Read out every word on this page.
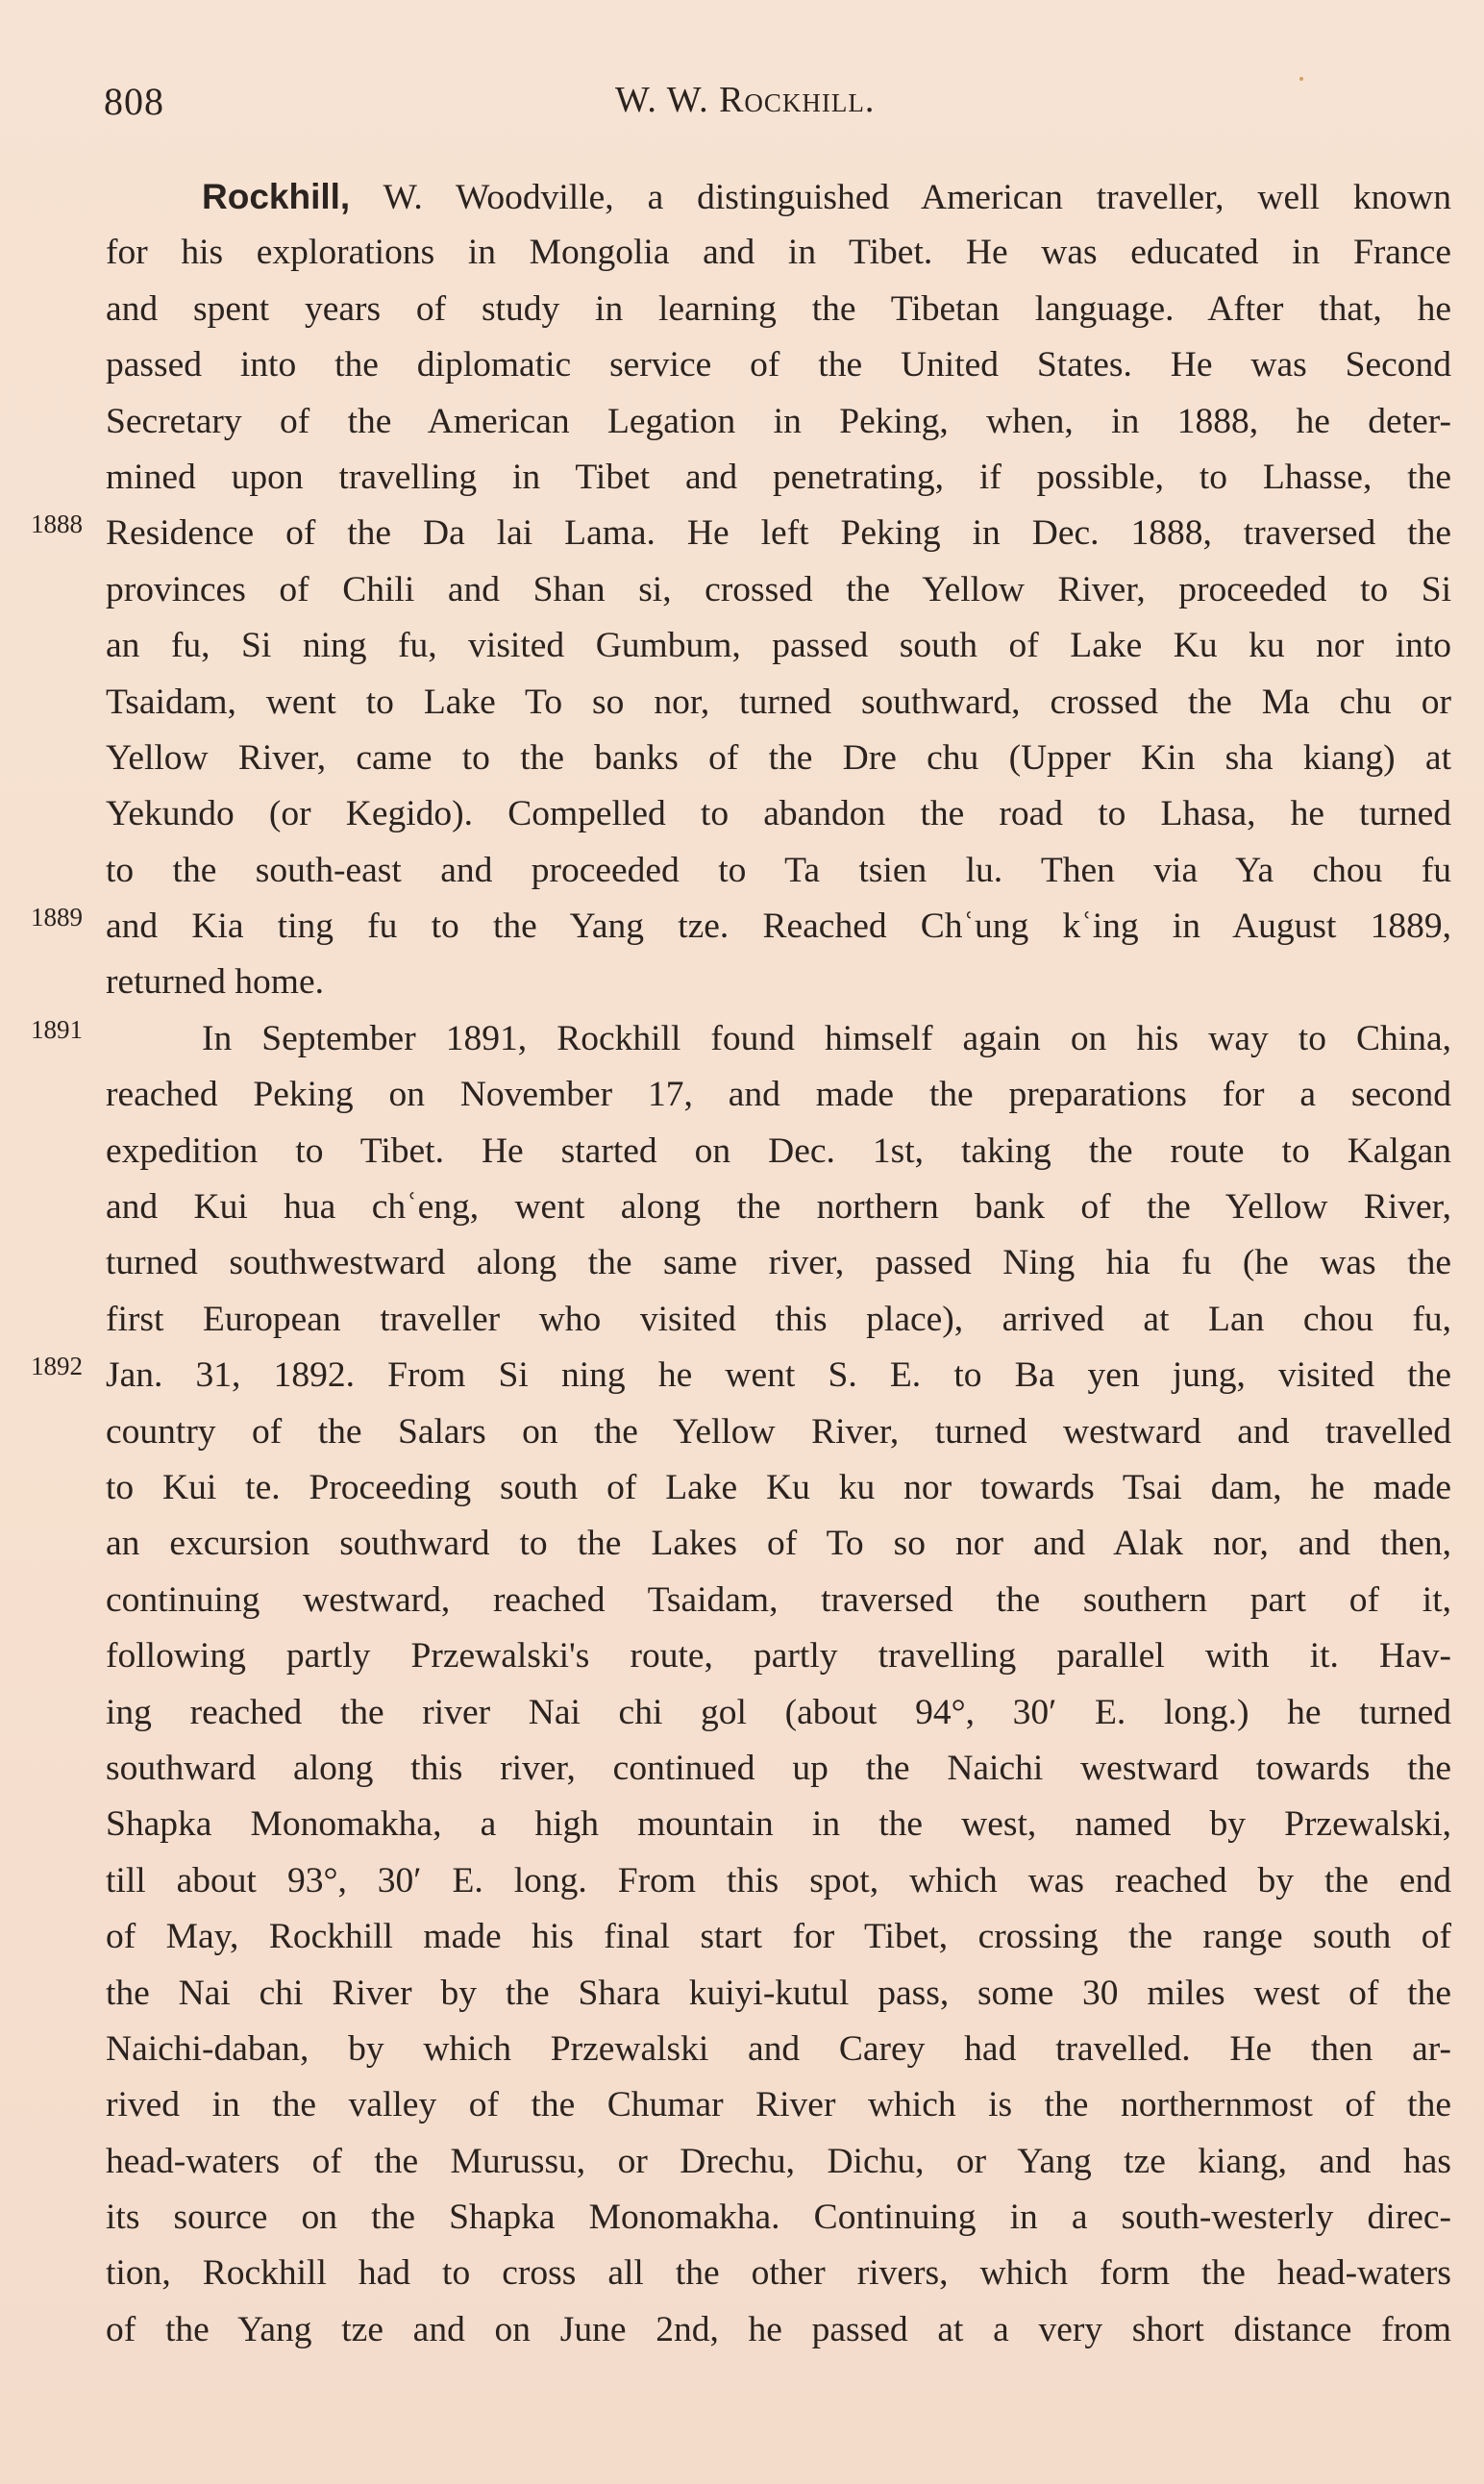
808	W. W. Rockhill.
1888
1889
1891
1892
Rockhill, W. Woodville, a distinguished American traveller, well known
for his explorations in Mongolia and in Tibet. He was educated in France
and spent years of study in learning the Tibetan language. After that, he
passed into the diplomatic service of the United States. He was Second
Secretary of the American Legation in Peking, when, in 1888, he deter-
mined upon travelling in Tibet and penetrating, if possible, to Lhasse, the
Residence of the Da lai Lama. He left Peking in Dec. 1888, traversed the
provinces of Chili and Shan si, crossed the Yellow River, proceeded to Si
an fu, Si ning fu, visited Gumbum, passed south of Lake Ku ku nor into
Tsaidam, went to Lake To so nor, turned southward, crossed the Ma chu or
Yellow River, came to the banks of the Dre chu (Upper Kin sha kiang) at
Yekundo (or Kegido). Compelled to abandon the road to Lhasa, he turned
to the south-east and proceeded to Ta tsien lu. Then via Ya chou fu
and Kia ting fu to the Yang tze. Reached Chʿung kʿing in August 1889,
returned home.
In September 1891, Rockhill found himself again on his way to China,
reached Peking on November 17, and made the preparations for a second
expedition to Tibet. He started on Dec. 1st, taking the route to Kalgan
and Kui hua chʿeng, went along the northern bank of the Yellow River,
turned southwestward along the same river, passed Ning hia fu (he was the
first European traveller who visited this place), arrived at Lan chou fu,
Jan. 31, 1892. From Si ning he went S. E. to Ba yen jung, visited the
country of the Salars on the Yellow River, turned westward and travelled
to Kui te. Proceeding south of Lake Ku ku nor towards Tsai dam, he made
an excursion southward to the Lakes of To so nor and Alak nor, and then,
continuing westward, reached Tsaidam, traversed the southern part of it,
following partly Przewalski's route, partly travelling parallel with it. Hav-
ing reached the river Nai chi gol (about 94°, 30′ E. long.) he turned
southward along this river, continued up the Naichi westward towards the
Shapka Monomakha, a high mountain in the west, named by Przewalski,
till about 93°, 30′ E. long. From this spot, which was reached by the end
of May, Rockhill made his final start for Tibet, crossing the range south of
the Nai chi River by the Shara kuiyi-kutul pass, some 30 miles west of the
Naichi-daban, by which Przewalski and Carey had travelled. He then ar-
rived in the valley of the Chumar River which is the northernmost of the
head-waters of the Murussu, or Drechu, Dichu, or Yang tze kiang, and has
its source on the Shapka Monomakha. Continuing in a south-westerly direc-
tion, Rockhill had to cross all the other rivers, which form the head-waters
of the Yang tze and on June 2nd, he passed at a very short distance from
